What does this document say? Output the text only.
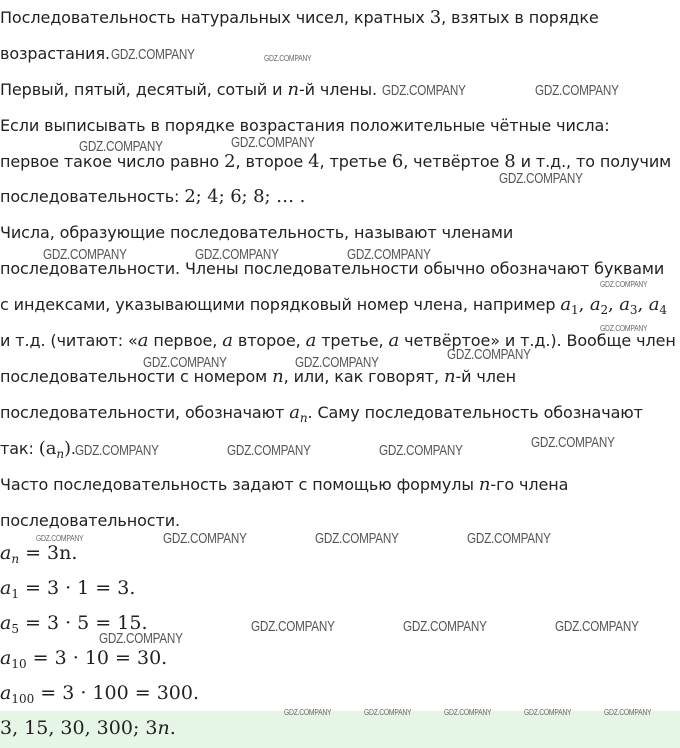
Последовательность натуральных чисел, кратных 3, взятых в порядке
возрастания.
Первый, пятый, десятый, сотый и n-й члены.
Если выписывать в порядке возрастания положительные чётные числа:
первое такое число равно 2, второе 4, третье 6, четвёртое 8 и т.д., то получим
последовательность: 2; 4; 6; 8; … .
Числа, образующие последовательность, называют членами
последовательности. Члены последовательности обычно обозначают буквами
с индексами, указывающими порядковый номер члена, например $a_1$, $a_2$, $a_3$, $a_4$
и т.д. (читают: «a первое, a второе, a третье, a четвёртое» и т.д.). Вообще член
последовательности с номером n, или, как говорят, n-й член
последовательности, обозначают $a_n$. Саму последовательность обозначают
так: $(a_n)$.
Часто последовательность задают с помощью формулы n-го члена
последовательности.
$a_n = 3n$.
$a_1 = 3 \cdot 1 = 3$.
$a_5 = 3 \cdot 5 = 15$.
$a_{10} = 3 \cdot 10 = 30$.
$a_{100} = 3 \cdot 100 = 300$.
3, 15, 30, 300; 3n.
GDZ.COMPANY	GDZ.COMPANY
GDZ.COMPANY	GDZ.COMPANY
GDZ.COMPANY	GDZ.COMPANY
GDZ.COMPANY
GDZ.COMPANY	GDZ.COMPANY	GDZ.COMPANY
GDZ.COMPANY
GDZ.COMPANY
GDZ.COMPANY
GDZ.COMPANY	GDZ.COMPANY
GDZ.COMPANY
GDZ.COMPANY	GDZ.COMPANY	GDZ.COMPANY
GDZ.COMPANY	GDZ.COMPANY	GDZ.COMPANY	GDZ.COMPANY
GDZ.COMPANY	GDZ.COMPANY	GDZ.COMPANY
GDZ.COMPANY
GDZ.COMPANY	GDZ.COMPANY	GDZ.COMPANY	GDZ.COMPANY	GDZ.COMPANY
